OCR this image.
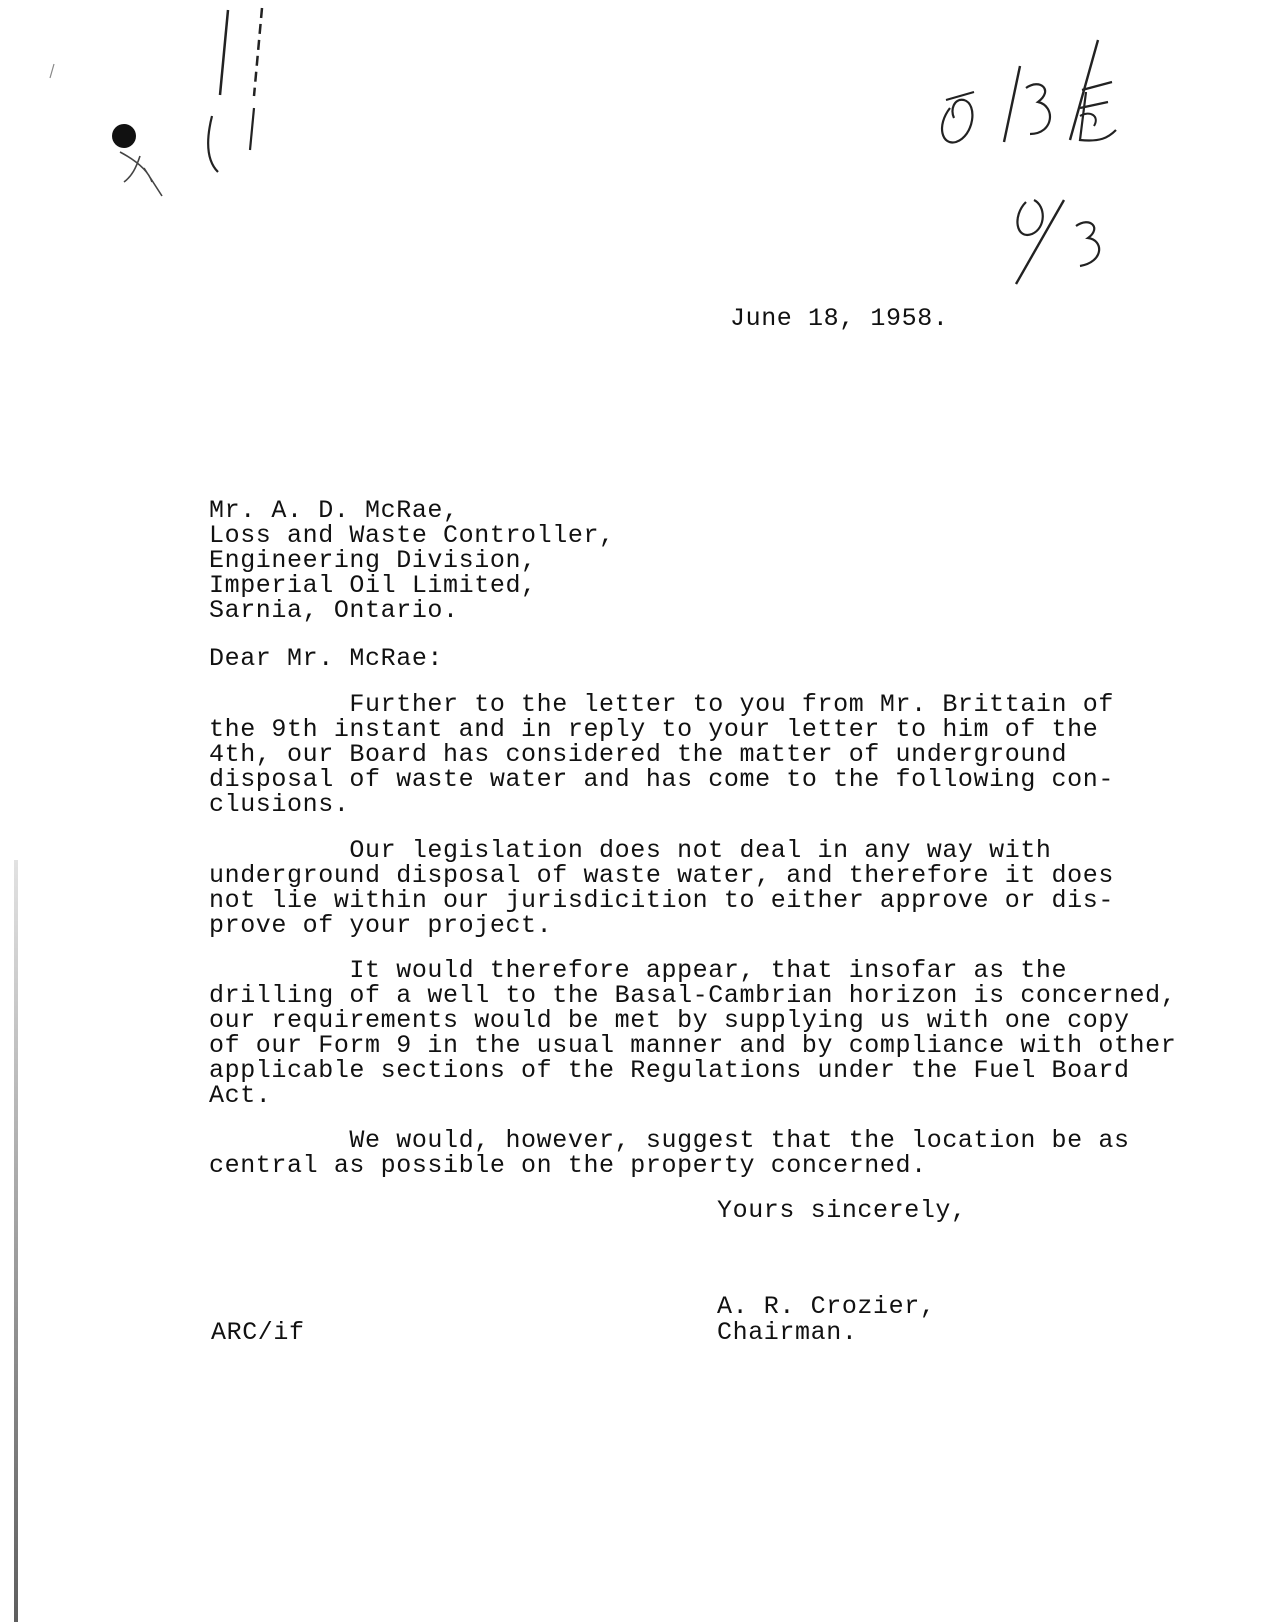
June 18, 1958.
Mr. A. D. McRae,
Loss and Waste Controller,
Engineering Division,
Imperial Oil Limited,
Sarnia, Ontario.
Dear Mr. McRae:
Further to the letter to you from Mr. Brittain of
the 9th instant and in reply to your letter to him of the
4th, our Board has considered the matter of underground
disposal of waste water and has come to the following con-
clusions.
Our legislation does not deal in any way with
underground disposal of waste water, and therefore it does
not lie within our jurisdicition to either approve or dis-
prove of your project.
It would therefore appear, that insofar as the
drilling of a well to the Basal-Cambrian horizon is concerned,
our requirements would be met by supplying us with one copy
of our Form 9 in the usual manner and by compliance with other
applicable sections of the Regulations under the Fuel Board
Act.
We would, however, suggest that the location be as
central as possible on the property concerned.
Yours sincerely,
A. R. Crozier,
Chairman.
ARC/if
